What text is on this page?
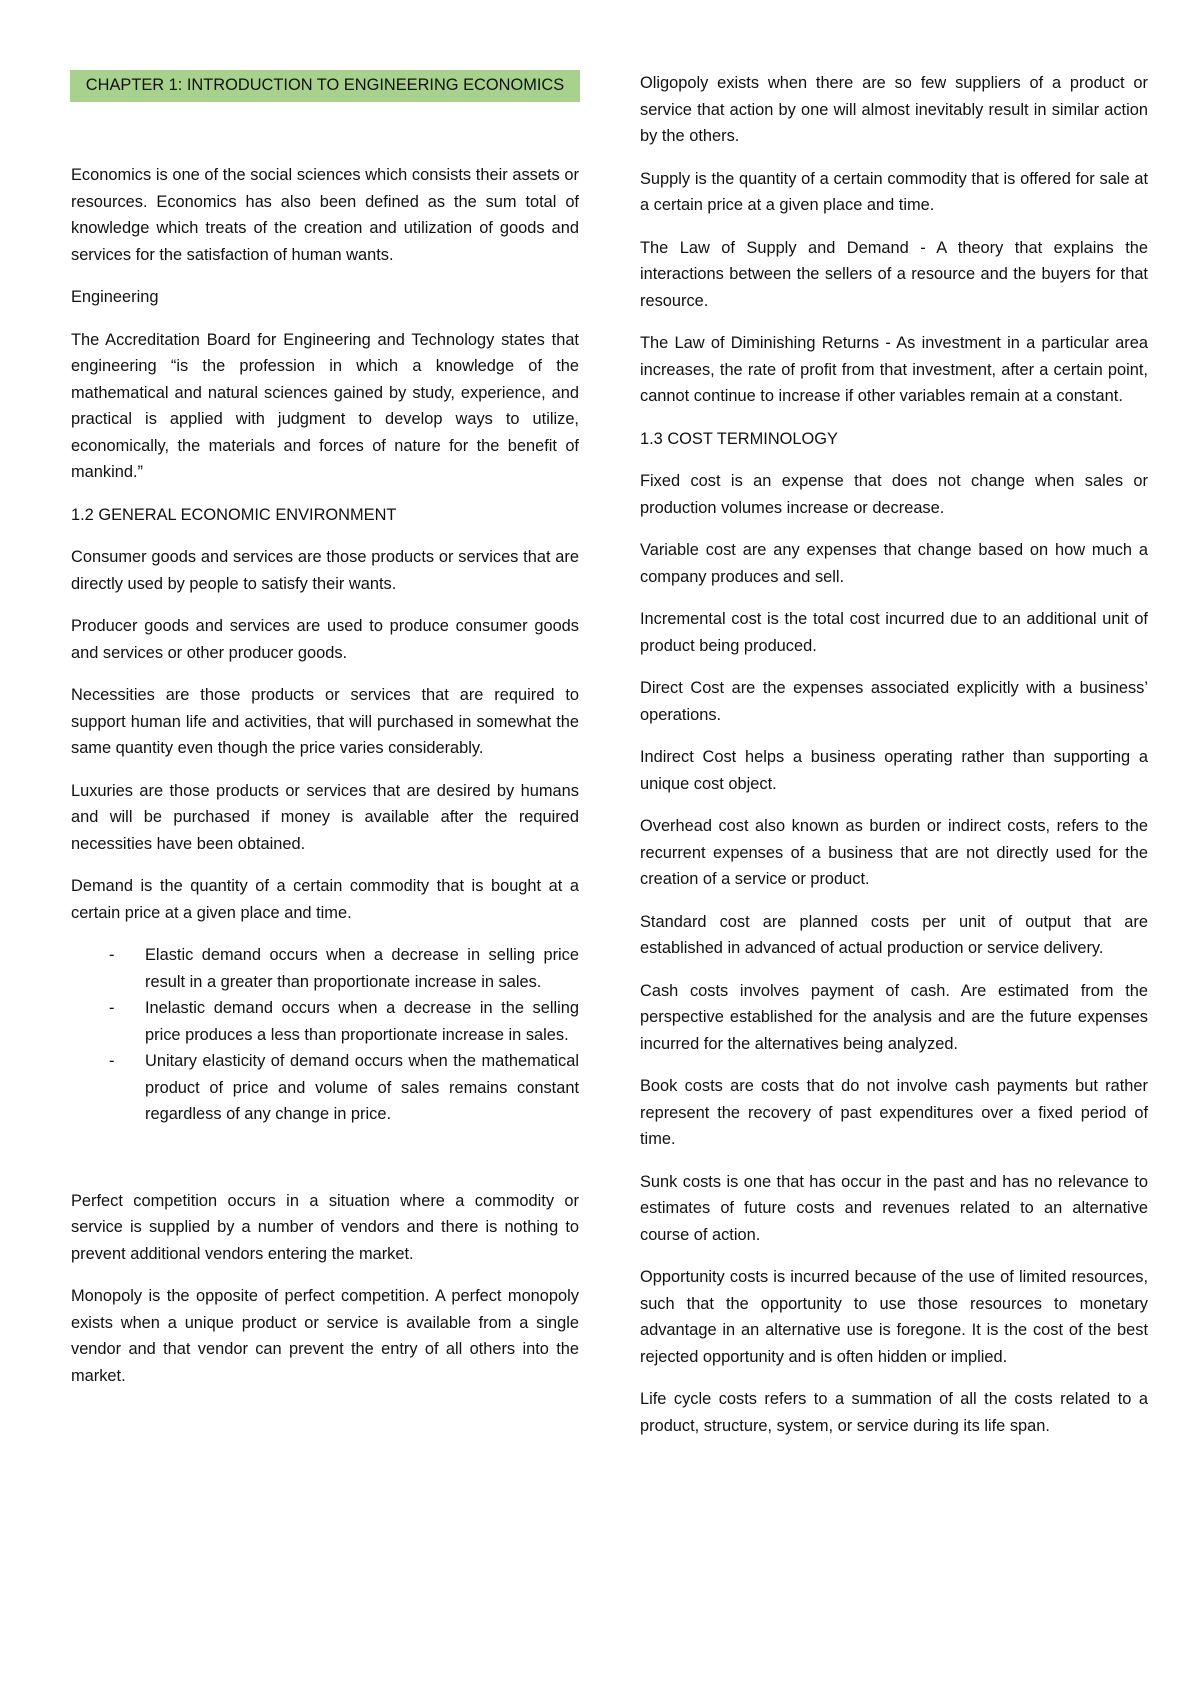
CHAPTER 1: INTRODUCTION TO ENGINEERING ECONOMICS

Economics is one of the social sciences which consists their assets or resources. Economics has also been defined as the sum total of knowledge which treats of the creation and utilization of goods and services for the satisfaction of human wants.

Engineering

The Accreditation Board for Engineering and Technology states that engineering “is the profession in which a knowledge of the mathematical and natural sciences gained by study, experience, and practical is applied with judgment to develop ways to utilize, economically, the materials and forces of nature for the benefit of mankind.”

1.2 GENERAL ECONOMIC ENVIRONMENT

Consumer goods and services are those products or services that are directly used by people to satisfy their wants.

Producer goods and services are used to produce consumer goods and services or other producer goods.

Necessities are those products or services that are required to support human life and activities, that will purchased in somewhat the same quantity even though the price varies considerably.

Luxuries are those products or services that are desired by humans and will be purchased if money is available after the required necessities have been obtained.

Demand is the quantity of a certain commodity that is bought at a certain price at a given place and time.

- Elastic demand occurs when a decrease in selling price result in a greater than proportionate increase in sales.
- Inelastic demand occurs when a decrease in the selling price produces a less than proportionate increase in sales.
- Unitary elasticity of demand occurs when the mathematical product of price and volume of sales remains constant regardless of any change in price.

Perfect competition occurs in a situation where a commodity or service is supplied by a number of vendors and there is nothing to prevent additional vendors entering the market.

Monopoly is the opposite of perfect competition. A perfect monopoly exists when a unique product or service is available from a single vendor and that vendor can prevent the entry of all others into the market.

Oligopoly exists when there are so few suppliers of a product or service that action by one will almost inevitably result in similar action by the others.

Supply is the quantity of a certain commodity that is offered for sale at a certain price at a given place and time.

The Law of Supply and Demand - A theory that explains the interactions between the sellers of a resource and the buyers for that resource.

The Law of Diminishing Returns - As investment in a particular area increases, the rate of profit from that investment, after a certain point, cannot continue to increase if other variables remain at a constant.

1.3 COST TERMINOLOGY

Fixed cost is an expense that does not change when sales or production volumes increase or decrease.

Variable cost are any expenses that change based on how much a company produces and sell.

Incremental cost is the total cost incurred due to an additional unit of product being produced.

Direct Cost are the expenses associated explicitly with a business’ operations.

Indirect Cost helps a business operating rather than supporting a unique cost object.

Overhead cost also known as burden or indirect costs, refers to the recurrent expenses of a business that are not directly used for the creation of a service or product.

Standard cost are planned costs per unit of output that are established in advanced of actual production or service delivery.

Cash costs involves payment of cash. Are estimated from the perspective established for the analysis and are the future expenses incurred for the alternatives being analyzed.

Book costs are costs that do not involve cash payments but rather represent the recovery of past expenditures over a fixed period of time.

Sunk costs is one that has occur in the past and has no relevance to estimates of future costs and revenues related to an alternative course of action.

Opportunity costs is incurred because of the use of limited resources, such that the opportunity to use those resources to monetary advantage in an alternative use is foregone. It is the cost of the best rejected opportunity and is often hidden or implied.

Life cycle costs refers to a summation of all the costs related to a product, structure, system, or service during its life span.
